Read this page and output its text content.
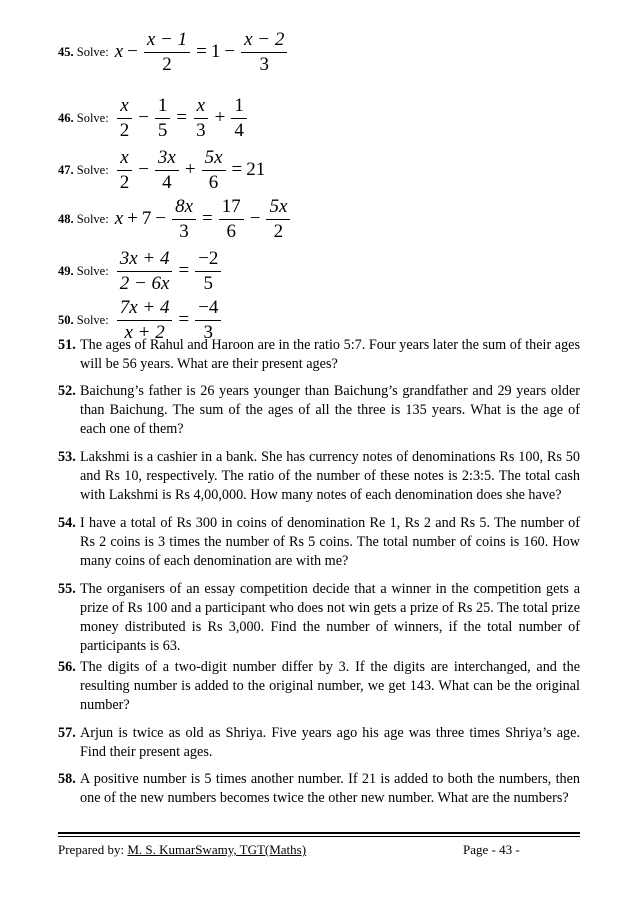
45. Solve: $x - \frac{x - 1}{2} = 1 - \frac{x - 2}{3}$
46. Solve: $\frac{x}{2} - \frac{1}{5} = \frac{x}{3} + \frac{1}{4}$
47. Solve: $\frac{x}{2} - \frac{3x}{4} + \frac{5x}{6} = 21$
48. Solve: $x + 7 - \frac{8x}{3} = \frac{17}{6} - \frac{5x}{2}$
49. Solve: $\frac{3x + 4}{2 - 6x} = \frac{-2}{5}$
50. Solve: $\frac{7x + 4}{x + 2} = \frac{-4}{3}$
51. The ages of Rahul and Haroon are in the ratio 5:7. Four years later the sum of their ages will be 56 years. What are their present ages?
52. Baichung’s father is 26 years younger than Baichung’s grandfather and 29 years older than Baichung. The sum of the ages of all the three is 135 years. What is the age of each one of them?
53. Lakshmi is a cashier in a bank. She has currency notes of denominations Rs 100, Rs 50 and Rs 10, respectively. The ratio of the number of these notes is 2:3:5. The total cash with Lakshmi is Rs 4,00,000. How many notes of each denomination does she have?
54. I have a total of Rs 300 in coins of denomination Re 1, Rs 2 and Rs 5. The number of Rs 2 coins is 3 times the number of Rs 5 coins. The total number of coins is 160. How many coins of each denomination are with me?
55. The organisers of an essay competition decide that a winner in the competition gets a prize of Rs 100 and a participant who does not win gets a prize of Rs 25. The total prize money distributed is Rs 3,000. Find the number of winners, if the total number of participants is 63.
56. The digits of a two-digit number differ by 3. If the digits are interchanged, and the resulting number is added to the original number, we get 143. What can be the original number?
57. Arjun is twice as old as Shriya. Five years ago his age was three times Shriya’s age. Find their present ages.
58. A positive number is 5 times another number. If 21 is added to both the numbers, then one of the new numbers becomes twice the other new number. What are the numbers?
Prepared by: M. S. KumarSwamy, TGT(Maths)	Page - 43 -
